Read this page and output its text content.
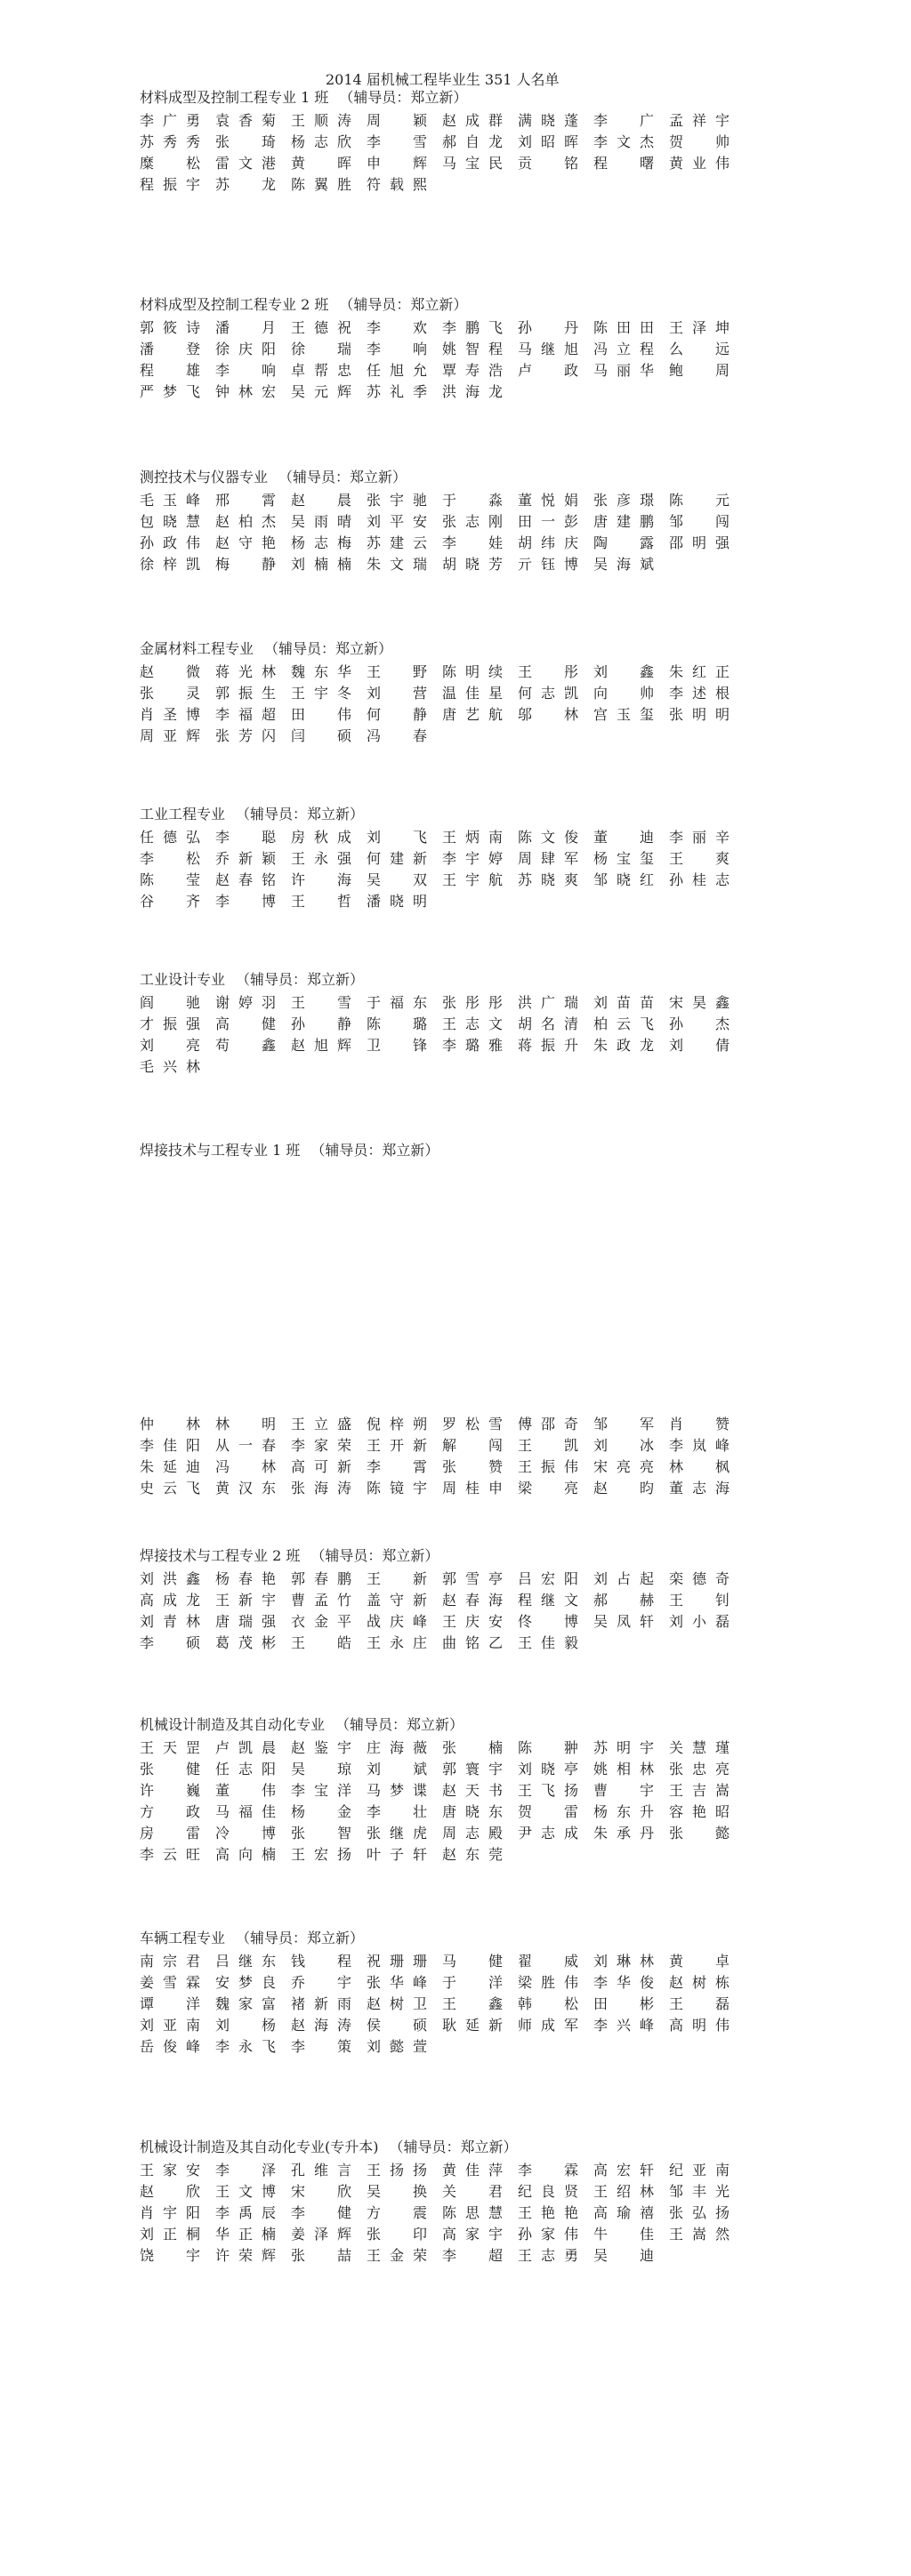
2014 届机械工程毕业生 351 人名单
材料成型及控制工程专业 1 班 （辅导员：郑立新）
李广勇 袁香菊 王顺涛 周　颖 赵成群 满晓蓬 李　广 孟祥宇
苏秀秀 张　琦 杨志欣 李　雪 郝自龙 刘昭晖 李文杰 贺　帅
糜　松 雷文港 黄　晖 申　辉 马宝民 贡　铭 程　曙 黄业伟
程振宇 苏　龙 陈翼胜 符载熙
材料成型及控制工程专业 2 班 （辅导员：郑立新）
郭筱诗 潘　月 王德祝 李　欢 李鹏飞 孙　丹 陈田田 王泽坤
潘　登 徐庆阳 徐　瑞 李　响 姚智程 马继旭 冯立程 么　远
程　雄 李　响 卓帮忠 任旭允 覃寿浩 卢　政 马丽华 鲍　周
严梦飞 钟林宏 吴元辉 苏礼季 洪海龙
测控技术与仪器专业 （辅导员：郑立新）
毛玉峰 邢　霄 赵　晨 张宇驰 于　淼 董悦娟 张彦璟 陈　元
包晓慧 赵柏杰 吴雨晴 刘平安 张志刚 田一彭 唐建鹏 邹　闯
孙政伟 赵守艳 杨志梅 苏建云 李　娃 胡纬庆 陶　露 邵明强
徐梓凯 梅　静 刘楠楠 朱文瑞 胡晓芳 亓钰博 吴海斌
金属材料工程专业 （辅导员：郑立新）
赵　微 蒋光林 魏东华 王　野 陈明续 王　彤 刘　鑫 朱红正
张　灵 郭振生 王宇冬 刘　营 温佳星 何志凯 向　帅 李述根
肖圣博 李福超 田　伟 何　静 唐艺航 邬　林 宫玉玺 张明明
周亚辉 张芳闪 闫　硕 冯　春
工业工程专业 （辅导员：郑立新）
任德弘 李　聪 房秋成 刘　飞 王炳南 陈文俊 董　迪 李丽辛
李　松 乔新颖 王永强 何建新 李宇婷 周肆军 杨宝玺 王　爽
陈　莹 赵春铭 许　海 吴　双 王宇航 苏晓爽 邹晓红 孙桂志
谷　齐 李　博 王　哲 潘晓明
工业设计专业 （辅导员：郑立新）
阎　驰 谢婷羽 王　雪 于福东 张彤彤 洪广瑞 刘苗苗 宋昊鑫
才振强 高　健 孙　静 陈　璐 王志文 胡名清 柏云飞 孙　杰
刘　亮 苟　鑫 赵旭辉 卫　锋 李璐雅 蒋振升 朱政龙 刘　倩
毛兴林
焊接技术与工程专业 1 班 （辅导员：郑立新）
仲　林 林　明 王立盛 倪梓朔 罗松雪 傅邵奇 邹　军 肖　赞
李佳阳 从一春 李家荣 王开新 解　闯 王　凯 刘　冰 李岚峰
朱延迪 冯　林 高可新 李　霄 张　赞 王振伟 宋亮亮 林　枫
史云飞 黄汉东 张海涛 陈镜宇 周桂申 梁　亮 赵　昀 董志海
焊接技术与工程专业 2 班 （辅导员：郑立新）
刘洪鑫 杨春艳 郭春鹏 王　新 郭雪亭 吕宏阳 刘占起 栾德奇
高成龙 王新宇 曹孟竹 盖守新 赵春海 程继文 郝　赫 王　钊
刘青林 唐瑞强 衣金平 战庆峰 王庆安 佟　博 吴凤轩 刘小磊
李　硕 葛茂彬 王　皓 王永庄 曲铭乙 王佳毅
机械设计制造及其自动化专业 （辅导员：郑立新）
王天罡 卢凯晨 赵鉴宇 庄海薇 张　楠 陈　翀 苏明宇 关慧瑾
张　健 任志阳 吴　琼 刘　斌 郭寰宇 刘晓亭 姚相林 张忠亮
许　巍 董　伟 李宝洋 马梦谍 赵天书 王飞扬 曹　宇 王吉嵩
方　政 马福佳 杨　金 李　壮 唐晓东 贺　雷 杨东升 容艳昭
房　雷 冷　博 张　智 张继虎 周志殿 尹志成 朱承丹 张　懿
李云旺 高向楠 王宏扬 叶子轩 赵东莞
车辆工程专业 （辅导员：郑立新）
南宗君 吕继东 钱　程 祝珊珊 马　健 翟　威 刘琳林 黄　卓
姜雪霖 安梦良 乔　宇 张华峰 于　洋 梁胜伟 李华俊 赵树栋
谭　洋 魏家富 褚新雨 赵树卫 王　鑫 韩　松 田　彬 王　磊
刘亚南 刘　杨 赵海涛 侯　硕 耿延新 师成军 李兴峰 高明伟
岳俊峰 李永飞 李　策 刘懿萱
机械设计制造及其自动化专业(专升本) （辅导员：郑立新）
王家安 李　泽 孔维言 王扬扬 黄佳萍 李　霖 高宏轩 纪亚南
赵　欣 王文博 宋　欣 吴　换 关　君 纪良贤 王绍林 邹丰光
肖宇阳 李禹辰 李　健 方　震 陈思慧 王艳艳 高瑜禧 张弘扬
刘正桐 华正楠 姜泽辉 张　印 高家宇 孙家伟 牛　佳 王嵩然
饶　宇 许荣辉 张　喆 王金荣 李　超 王志勇 吴　迪
